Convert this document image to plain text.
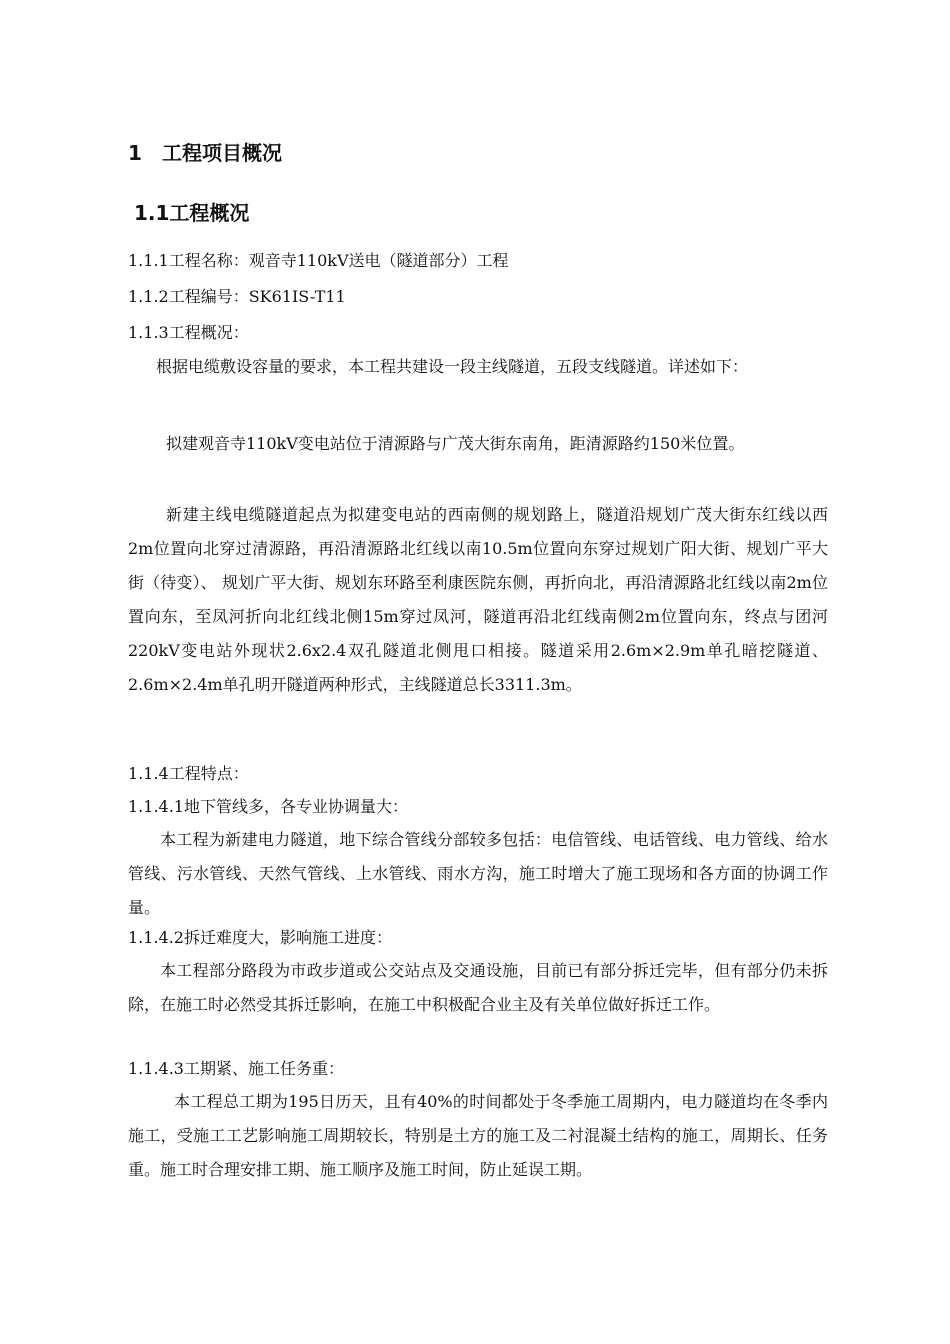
1 工程项目概况
1.1工程概况
1.1.1工程名称：观音寺110kV送电（隧道部分）工程
1.1.2工程编号：SK61IS-T11
1.1.3工程概况：
根据电缆敷设容量的要求，本工程共建设一段主线隧道，五段支线隧道。详述如下：
拟建观音寺110kV变电站位于清源路与广茂大街东南角，距清源路约150米位置。
新建主线电缆隧道起点为拟建变电站的西南侧的规划路上，隧道沿规划广茂大街东红线以西2m位置向北穿过清源路，再沿清源路北红线以南10.5m位置向东穿过规划广阳大街、规划广平大街（待变）、 规划广平大街、规划东环路至利康医院东侧，再折向北，再沿清源路北红线以南2m位置向东，至凤河折向北红线北侧15m穿过凤河，隧道再沿北红线南侧2m位置向东，终点与团河220kV变电站外现状2.6x2.4双孔隧道北侧甩口相接。隧道采用2.6m×2.9m单孔暗挖隧道、2.6m×2.4m单孔明开隧道两种形式，主线隧道总长3311.3m。
1.1.4工程特点：
1.1.4.1地下管线多，各专业协调量大：
本工程为新建电力隧道，地下综合管线分部较多包括：电信管线、电话管线、电力管线、给水管线、污水管线、天然气管线、上水管线、雨水方沟，施工时增大了施工现场和各方面的协调工作量。
1.1.4.2拆迁难度大，影响施工进度：
本工程部分路段为市政步道或公交站点及交通设施，目前已有部分拆迁完毕，但有部分仍未拆除，在施工时必然受其拆迁影响，在施工中积极配合业主及有关单位做好拆迁工作。
1.1.4.3工期紧、施工任务重：
本工程总工期为195日历天，且有40%的时间都处于冬季施工周期内，电力隧道均在冬季内施工，受施工工艺影响施工周期较长，特别是土方的施工及二衬混凝土结构的施工，周期长、任务重。施工时合理安排工期、施工顺序及施工时间，防止延误工期。
